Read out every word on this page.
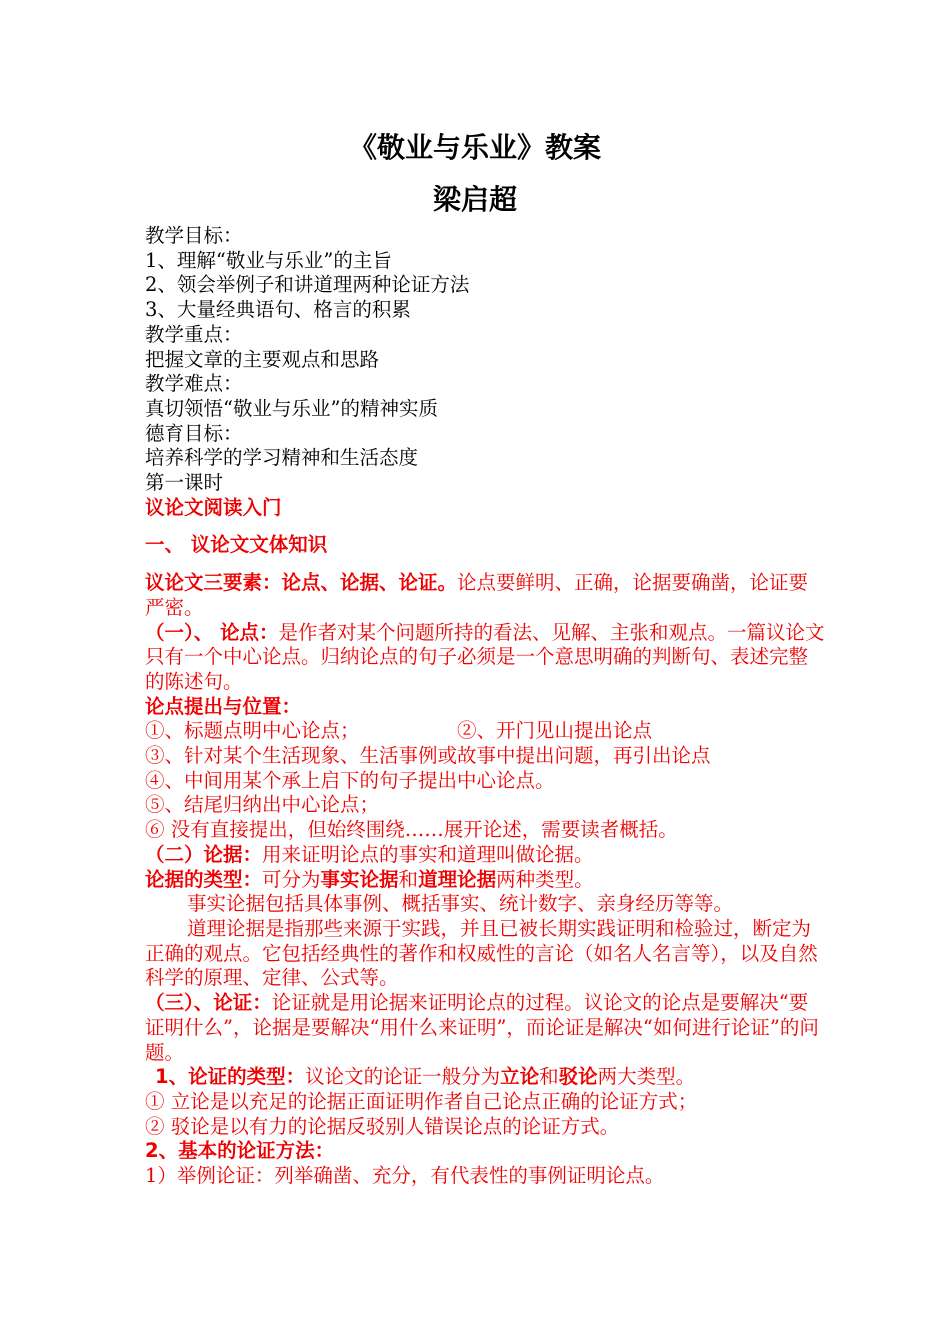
《敬业与乐业》教案
梁启超
教学目标：
1、理解“敬业与乐业”的主旨
2、领会举例子和讲道理两种论证方法
3、大量经典语句、格言的积累
教学重点：
把握文章的主要观点和思路
教学难点：
真切领悟“敬业与乐业”的精神实质
德育目标：
培养科学的学习精神和生活态度
第一课时
议论文阅读入门
一、 议论文文体知识
议论文三要素：论点、论据、论证。论点要鲜明、正确，论据要确凿，论证要严密。
（一）、 论点：是作者对某个问题所持的看法、见解、主张和观点。一篇议论文只有一个中心论点。归纳论点的句子必须是一个意思明确的判断句、表述完整的陈述句。
论点提出与位置：
①、标题点明中心论点；	②、开门见山提出论点
③、针对某个生活现象、生活事例或故事中提出问题，再引出论点
④、中间用某个承上启下的句子提出中心论点。
⑤、结尾归纳出中心论点；
⑥ 没有直接提出，但始终围绕……展开论述，需要读者概括。
（二）论据：用来证明论点的事实和道理叫做论据。
论据的类型：可分为事实论据和道理论据两种类型。
事实论据包括具体事例、概括事实、统计数字、亲身经历等等。
道理论据是指那些来源于实践，并且已被长期实践证明和检验过，断定为正确的观点。它包括经典性的著作和权威性的言论（如名人名言等），以及自然科学的原理、定律、公式等。
（三）、论证：论证就是用论据来证明论点的过程。议论文的论点是要解决“要证明什么”，论据是要解决“用什么来证明”，而论证是解决“如何进行论证”的问题。
1、论证的类型：议论文的论证一般分为立论和驳论两大类型。
① 立论是以充足的论据正面证明作者自己论点正确的论证方式；
② 驳论是以有力的论据反驳别人错误论点的论证方式。
2、基本的论证方法：
1）举例论证：列举确凿、充分，有代表性的事例证明论点。
